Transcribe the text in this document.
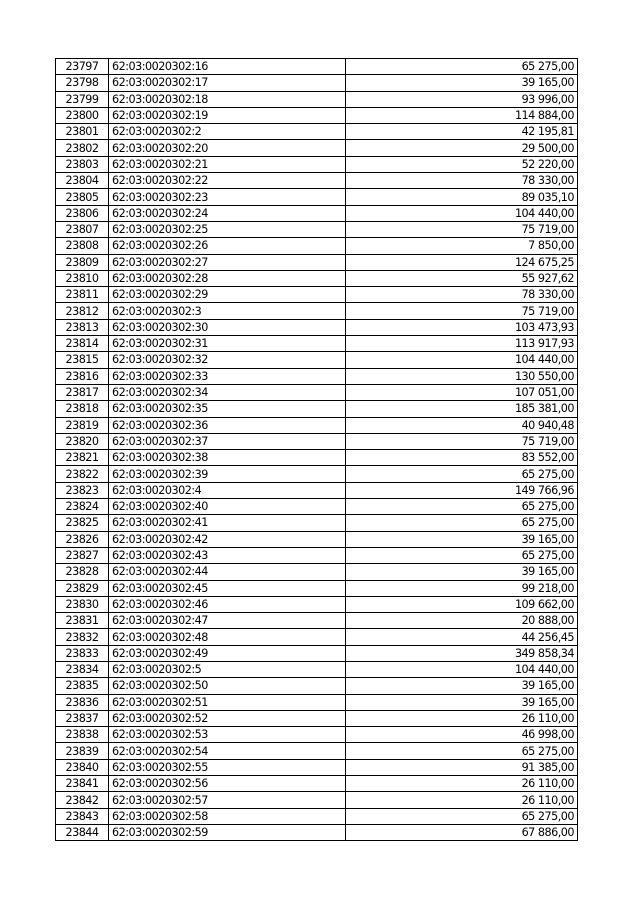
23797	62:03:0020302:16	65 275,00
23798	62:03:0020302:17	39 165,00
23799	62:03:0020302:18	93 996,00
23800	62:03:0020302:19	114 884,00
23801	62:03:0020302:2	42 195,81
23802	62:03:0020302:20	29 500,00
23803	62:03:0020302:21	52 220,00
23804	62:03:0020302:22	78 330,00
23805	62:03:0020302:23	89 035,10
23806	62:03:0020302:24	104 440,00
23807	62:03:0020302:25	75 719,00
23808	62:03:0020302:26	7 850,00
23809	62:03:0020302:27	124 675,25
23810	62:03:0020302:28	55 927,62
23811	62:03:0020302:29	78 330,00
23812	62:03:0020302:3	75 719,00
23813	62:03:0020302:30	103 473,93
23814	62:03:0020302:31	113 917,93
23815	62:03:0020302:32	104 440,00
23816	62:03:0020302:33	130 550,00
23817	62:03:0020302:34	107 051,00
23818	62:03:0020302:35	185 381,00
23819	62:03:0020302:36	40 940,48
23820	62:03:0020302:37	75 719,00
23821	62:03:0020302:38	83 552,00
23822	62:03:0020302:39	65 275,00
23823	62:03:0020302:4	149 766,96
23824	62:03:0020302:40	65 275,00
23825	62:03:0020302:41	65 275,00
23826	62:03:0020302:42	39 165,00
23827	62:03:0020302:43	65 275,00
23828	62:03:0020302:44	39 165,00
23829	62:03:0020302:45	99 218,00
23830	62:03:0020302:46	109 662,00
23831	62:03:0020302:47	20 888,00
23832	62:03:0020302:48	44 256,45
23833	62:03:0020302:49	349 858,34
23834	62:03:0020302:5	104 440,00
23835	62:03:0020302:50	39 165,00
23836	62:03:0020302:51	39 165,00
23837	62:03:0020302:52	26 110,00
23838	62:03:0020302:53	46 998,00
23839	62:03:0020302:54	65 275,00
23840	62:03:0020302:55	91 385,00
23841	62:03:0020302:56	26 110,00
23842	62:03:0020302:57	26 110,00
23843	62:03:0020302:58	65 275,00
23844	62:03:0020302:59	67 886,00
